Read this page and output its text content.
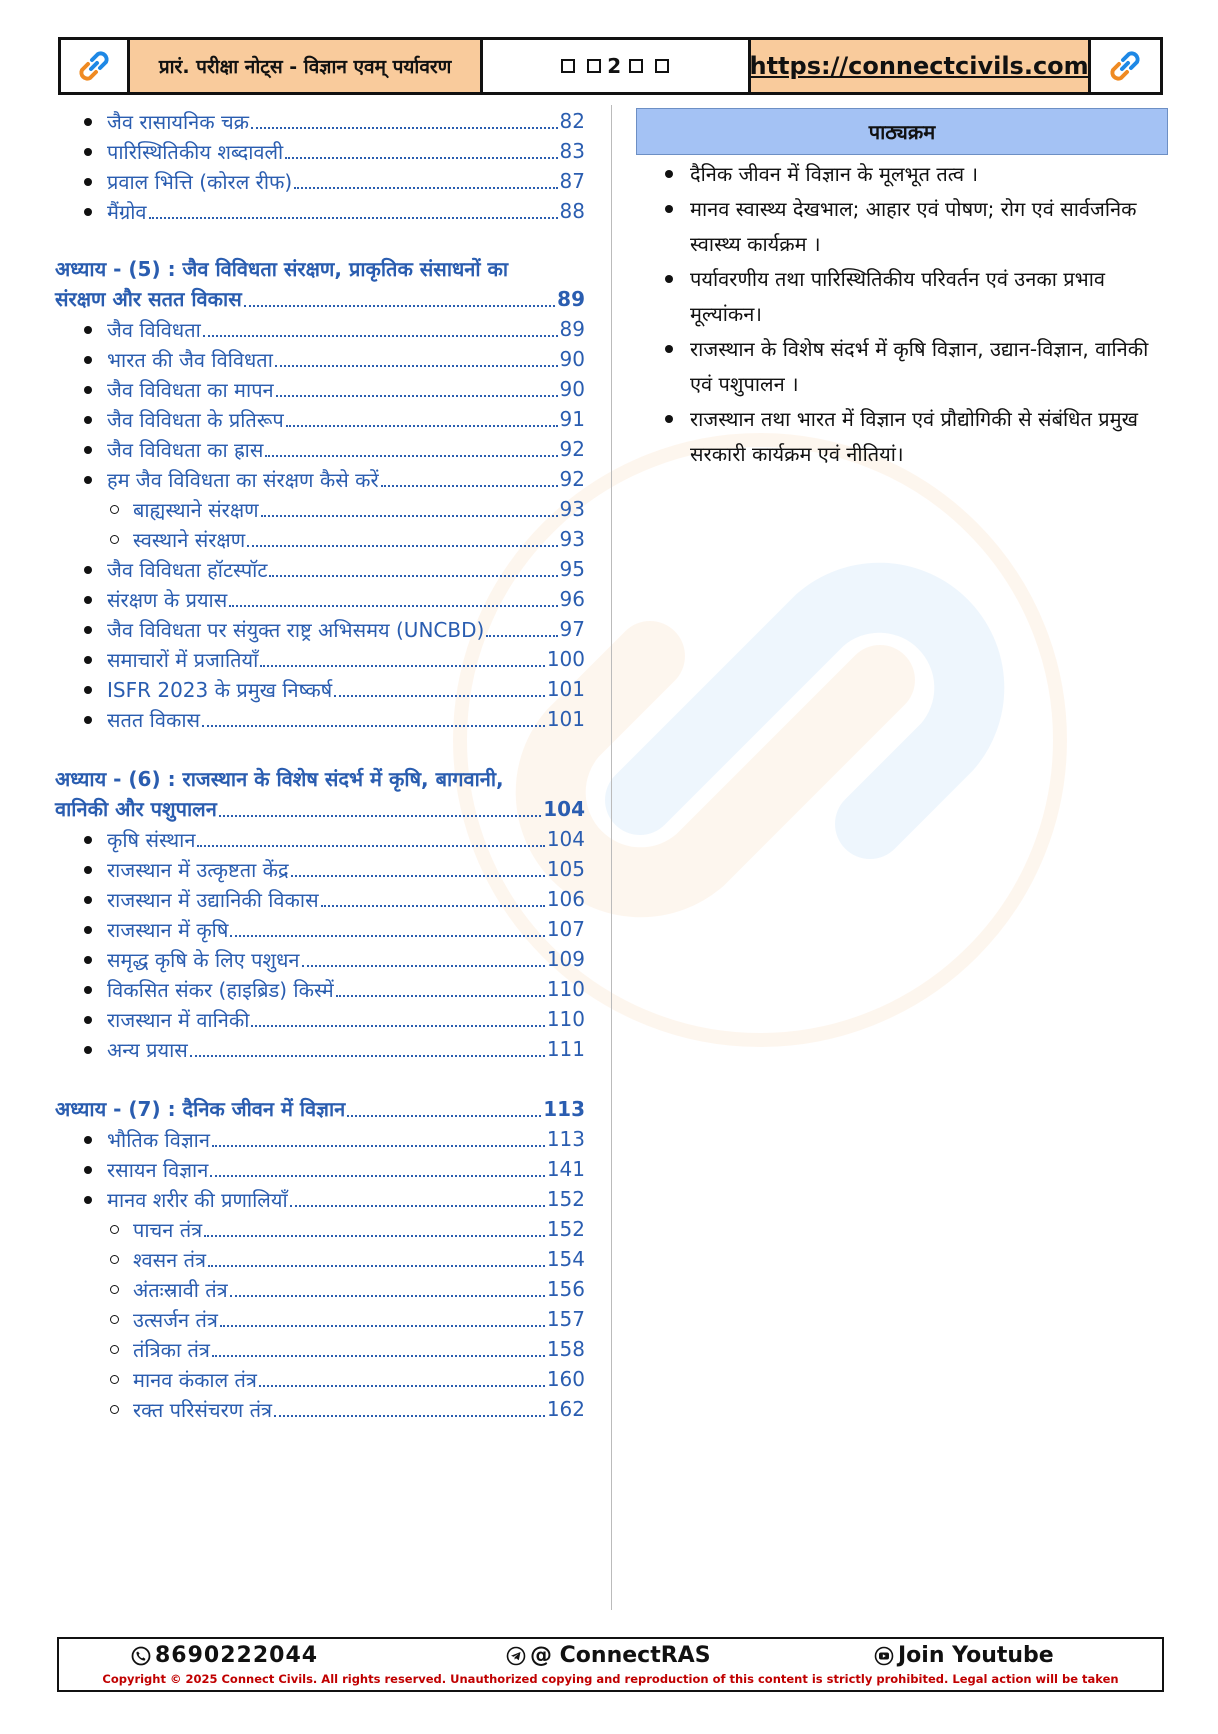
प्रारं. परीक्षा नोट्स - विज्ञान एवम् पर्यावरण	2	https://connectcivils.com
जैव रासायनिक चक्र	82
पारिस्थितिकीय शब्दावली	83
प्रवाल भित्ति (कोरल रीफ)	87
मैंग्रोव	88
अध्याय - (5) : जैव विविधता संरक्षण, प्राकृतिक संसाधनों का
संरक्षण और सतत विकास	89
जैव विविधता	89
भारत की जैव विविधता	90
जैव विविधता का मापन	90
जैव विविधता के प्रतिरूप	91
जैव विविधता का ह्रास	92
हम जैव विविधता का संरक्षण कैसे करें	92
बाह्यस्थाने संरक्षण	93
स्वस्थाने संरक्षण	93
जैव विविधता हॉटस्पॉट	95
संरक्षण के प्रयास	96
जैव विविधता पर संयुक्त राष्ट्र अभिसमय (UNCBD)	97
समाचारों में प्रजातियाँ	100
ISFR 2023 के प्रमुख निष्कर्ष	101
सतत विकास	101
अध्याय - (6) : राजस्थान के विशेष संदर्भ में कृषि, बागवानी,
वानिकी और पशुपालन	104
कृषि संस्थान	104
राजस्थान में उत्कृष्टता केंद्र	105
राजस्थान में उद्यानिकी विकास	106
राजस्थान में कृषि	107
समृद्ध कृषि के लिए पशुधन	109
विकसित संकर (हाइब्रिड) किस्में	110
राजस्थान में वानिकी	110
अन्य प्रयास	111
अध्याय - (7) : दैनिक जीवन में विज्ञान	113
भौतिक विज्ञान	113
रसायन विज्ञान	141
मानव शरीर की प्रणालियाँ	152
पाचन तंत्र	152
श्वसन तंत्र	154
अंतःस्रावी तंत्र	156
उत्सर्जन तंत्र	157
तंत्रिका तंत्र	158
मानव कंकाल तंत्र	160
रक्त परिसंचरण तंत्र	162
पाठ्यक्रम
दैनिक जीवन में विज्ञान के मूलभूत तत्व ।
मानव स्वास्थ्य देखभाल; आहार एवं पोषण; रोग एवं सार्वजनिक स्वास्थ्य कार्यक्रम ।
पर्यावरणीय तथा पारिस्थितिकीय परिवर्तन एवं उनका प्रभाव मूल्यांकन।
राजस्थान के विशेष संदर्भ में कृषि विज्ञान, उद्यान-विज्ञान, वानिकी एवं पशुपालन ।
राजस्थान तथा भारत में विज्ञान एवं प्रौद्योगिकी से संबंधित प्रमुख सरकारी कार्यक्रम एवं नीतियां।
8690222044	@ ConnectRAS	Join Youtube
Copyright © 2025 Connect Civils. All rights reserved. Unauthorized copying and reproduction of this content is strictly prohibited. Legal action will be taken
